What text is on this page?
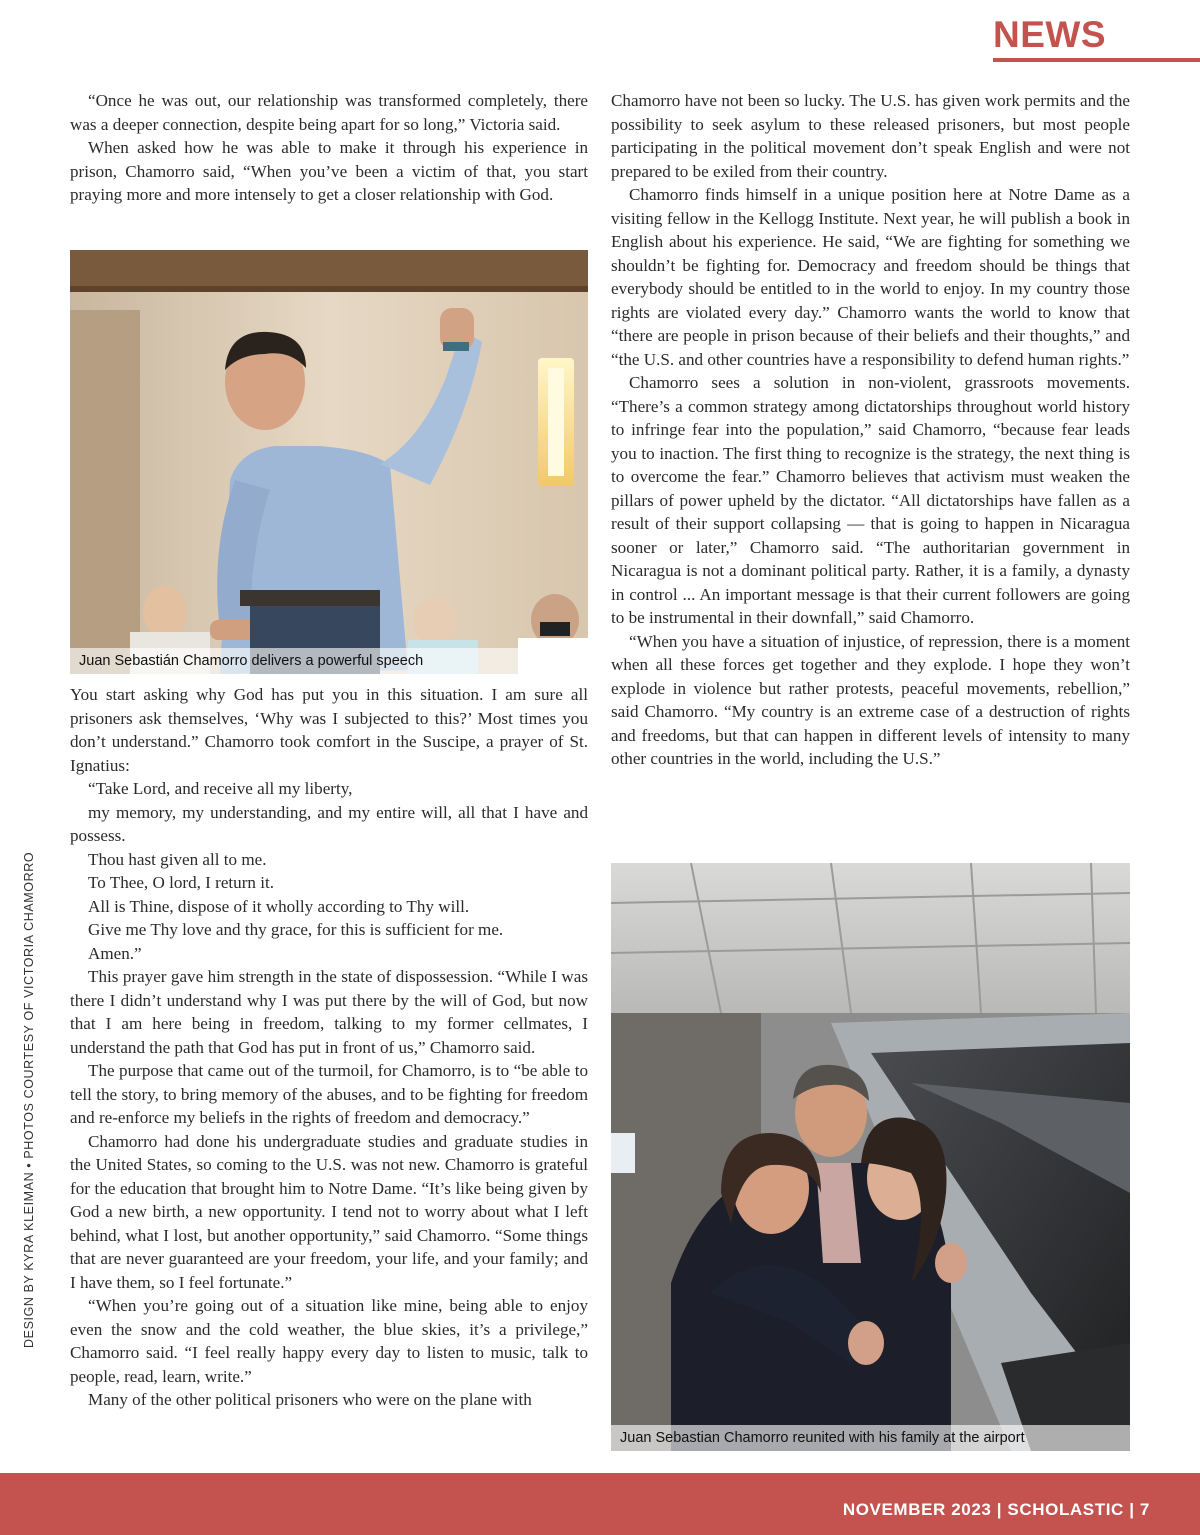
NEWS
DESIGN BY KYRA KLEIMAN • PHOTOS COURTESY OF VICTORIA CHAMORRO

“Once he was out, our relationship was transformed completely, there was a deeper connection, despite being apart for so long,” Victoria said.

When asked how he was able to make it through his experience in prison, Chamorro said, “When you’ve been a victim of that, you start praying more and more intensely to get a closer relationship with God.

Juan Sebastián Chamorro delivers a powerful speech

You start asking why God has put you in this situation. I am sure all prisoners ask themselves, ‘Why was I subjected to this?’ Most times you don’t understand.” Chamorro took comfort in the Suscipe, a prayer of St. Ignatius:

“Take Lord, and receive all my liberty,

my memory, my understanding, and my entire will, all that I have and possess.

Thou hast given all to me.

To Thee, O lord, I return it.

All is Thine, dispose of it wholly according to Thy will.

Give me Thy love and thy grace, for this is sufficient for me.

Amen.”

This prayer gave him strength in the state of dispossession. “While I was there I didn’t understand why I was put there by the will of God, but now that I am here being in freedom, talking to my former cellmates, I understand the path that God has put in front of us,” Chamorro said.

The purpose that came out of the turmoil, for Chamorro, is to “be able to tell the story, to bring memory of the abuses, and to be fighting for freedom and re-enforce my beliefs in the rights of freedom and democracy.”

Chamorro had done his undergraduate studies and graduate studies in the United States, so coming to the U.S. was not new. Chamorro is grateful for the education that brought him to Notre Dame. “It’s like being given by God a new birth, a new opportunity. I tend not to worry about what I left behind, what I lost, but another opportunity,” said Chamorro. “Some things that are never guaranteed are your freedom, your life, and your family; and I have them, so I feel fortunate.”

“When you’re going out of a situation like mine, being able to enjoy even the snow and the cold weather, the blue skies, it’s a privilege,” Chamorro said. “I feel really happy every day to listen to music, talk to people, read, learn, write.”

Many of the other political prisoners who were on the plane with

Chamorro have not been so lucky. The U.S. has given work permits and the possibility to seek asylum to these released prisoners, but most people participating in the political movement don’t speak English and were not prepared to be exiled from their country.

Chamorro finds himself in a unique position here at Notre Dame as a visiting fellow in the Kellogg Institute. Next year, he will publish a book in English about his experience. He said, “We are fighting for something we shouldn’t be fighting for. Democracy and freedom should be things that everybody should be entitled to in the world to enjoy. In my country those rights are violated every day.” Chamorro wants the world to know that “there are people in prison because of their beliefs and their thoughts,” and “the U.S. and other countries have a responsibility to defend human rights.”

Chamorro sees a solution in non-violent, grassroots movements. “There’s a common strategy among dictatorships throughout world history to infringe fear into the population,” said Chamorro, “because fear leads you to inaction. The first thing to recognize is the strategy, the next thing is to overcome the fear.” Chamorro believes that activism must weaken the pillars of power upheld by the dictator. “All dictatorships have fallen as a result of their support collapsing — that is going to happen in Nicaragua sooner or later,” Chamorro said. “The authoritarian government in Nicaragua is not a dominant political party. Rather, it is a family, a dynasty in control ... An important message is that their current followers are going to be instrumental in their downfall,” said Chamorro.

“When you have a situation of injustice, of repression, there is a moment when all these forces get together and they explode. I hope they won’t explode in violence but rather protests, peaceful movements, rebellion,” said Chamorro. “My country is an extreme case of a destruction of rights and freedoms, but that can happen in different levels of intensity to many other countries in the world, including the U.S.”

Juan Sebastian Chamorro reunited with his family at the airport
NOVEMBER 2023 | SCHOLASTIC | 7
